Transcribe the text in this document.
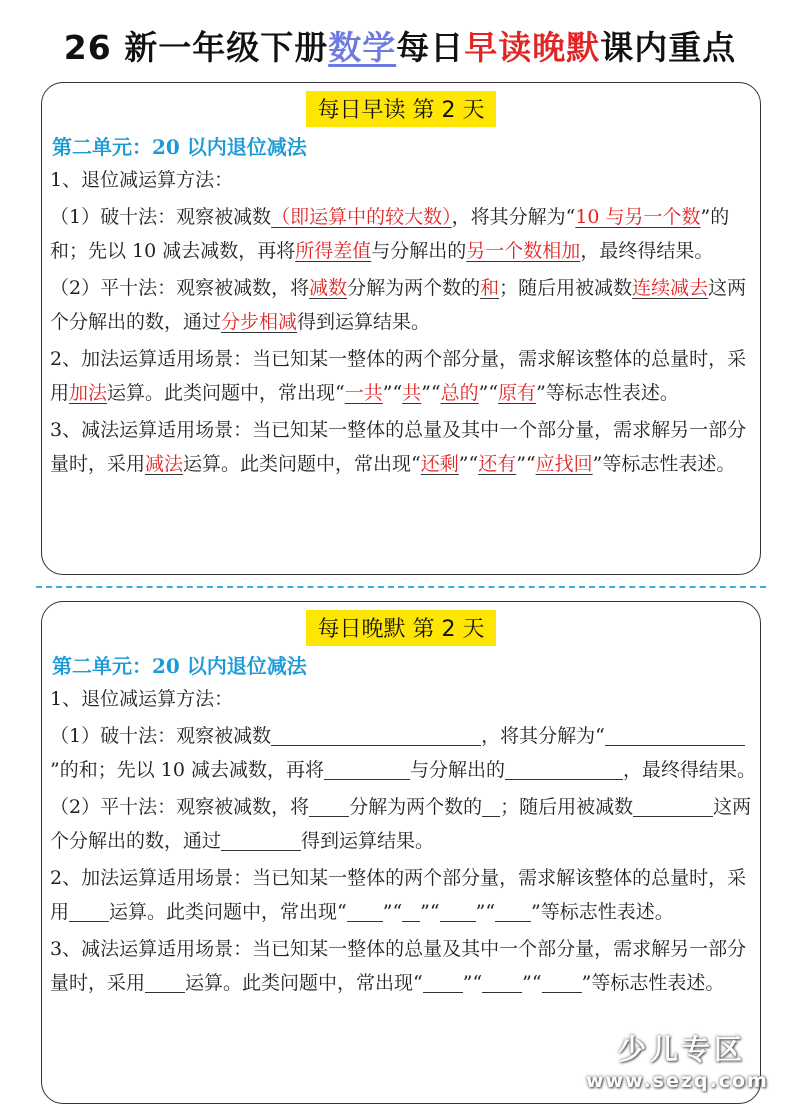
26 新一年级下册数学每日早读晚默课内重点
每日早读 第 2 天
第二单元：20 以内退位减法

1、退位减运算方法：

（1）破十法：观察被减数（即运算中的较大数），将其分解为“10 与另一个数”的和；先以 10 减去减数，再将所得差值与分解出的另一个数相加，最终得结果。

（2）平十法：观察被减数，将减数分解为两个数的和；随后用被减数连续减去这两个分解出的数，通过分步相减得到运算结果。

2、加法运算适用场景：当已知某一整体的两个部分量，需求解该整体的总量时，采用加法运算。此类问题中，常出现“一共”“共”“总的”“原有”等标志性表述。

3、减法运算适用场景：当已知某一整体的总量及其中一个部分量，需求解另一部分量时，采用减法运算。此类问题中，常出现“还剩”“还有”“应找回”等标志性表述。

每日晚默 第 2 天
第二单元：20 以内退位减法

1、退位减运算方法：

（1）破十法：观察被减数	，将其分解为“”的和；先以 10 减去减数，再将	与分解出的	，最终得结果。

（2）平十法：观察被减数，将 分解为两个数的 ；随后用被减数	这两个分解出的数，通过	得到运算结果。

2、加法运算适用场景：当已知某一整体的两个部分量，需求解该整体的总量时，采用 运算。此类问题中，常出现“ ”“ ”“ ”“ ”等标志性表述。

3、减法运算适用场景：当已知某一整体的总量及其中一个部分量，需求解另一部分量时，采用 运算。此类问题中，常出现“ ”“ ”“ ”等标志性表述。

少儿专区
www.sezq.com
